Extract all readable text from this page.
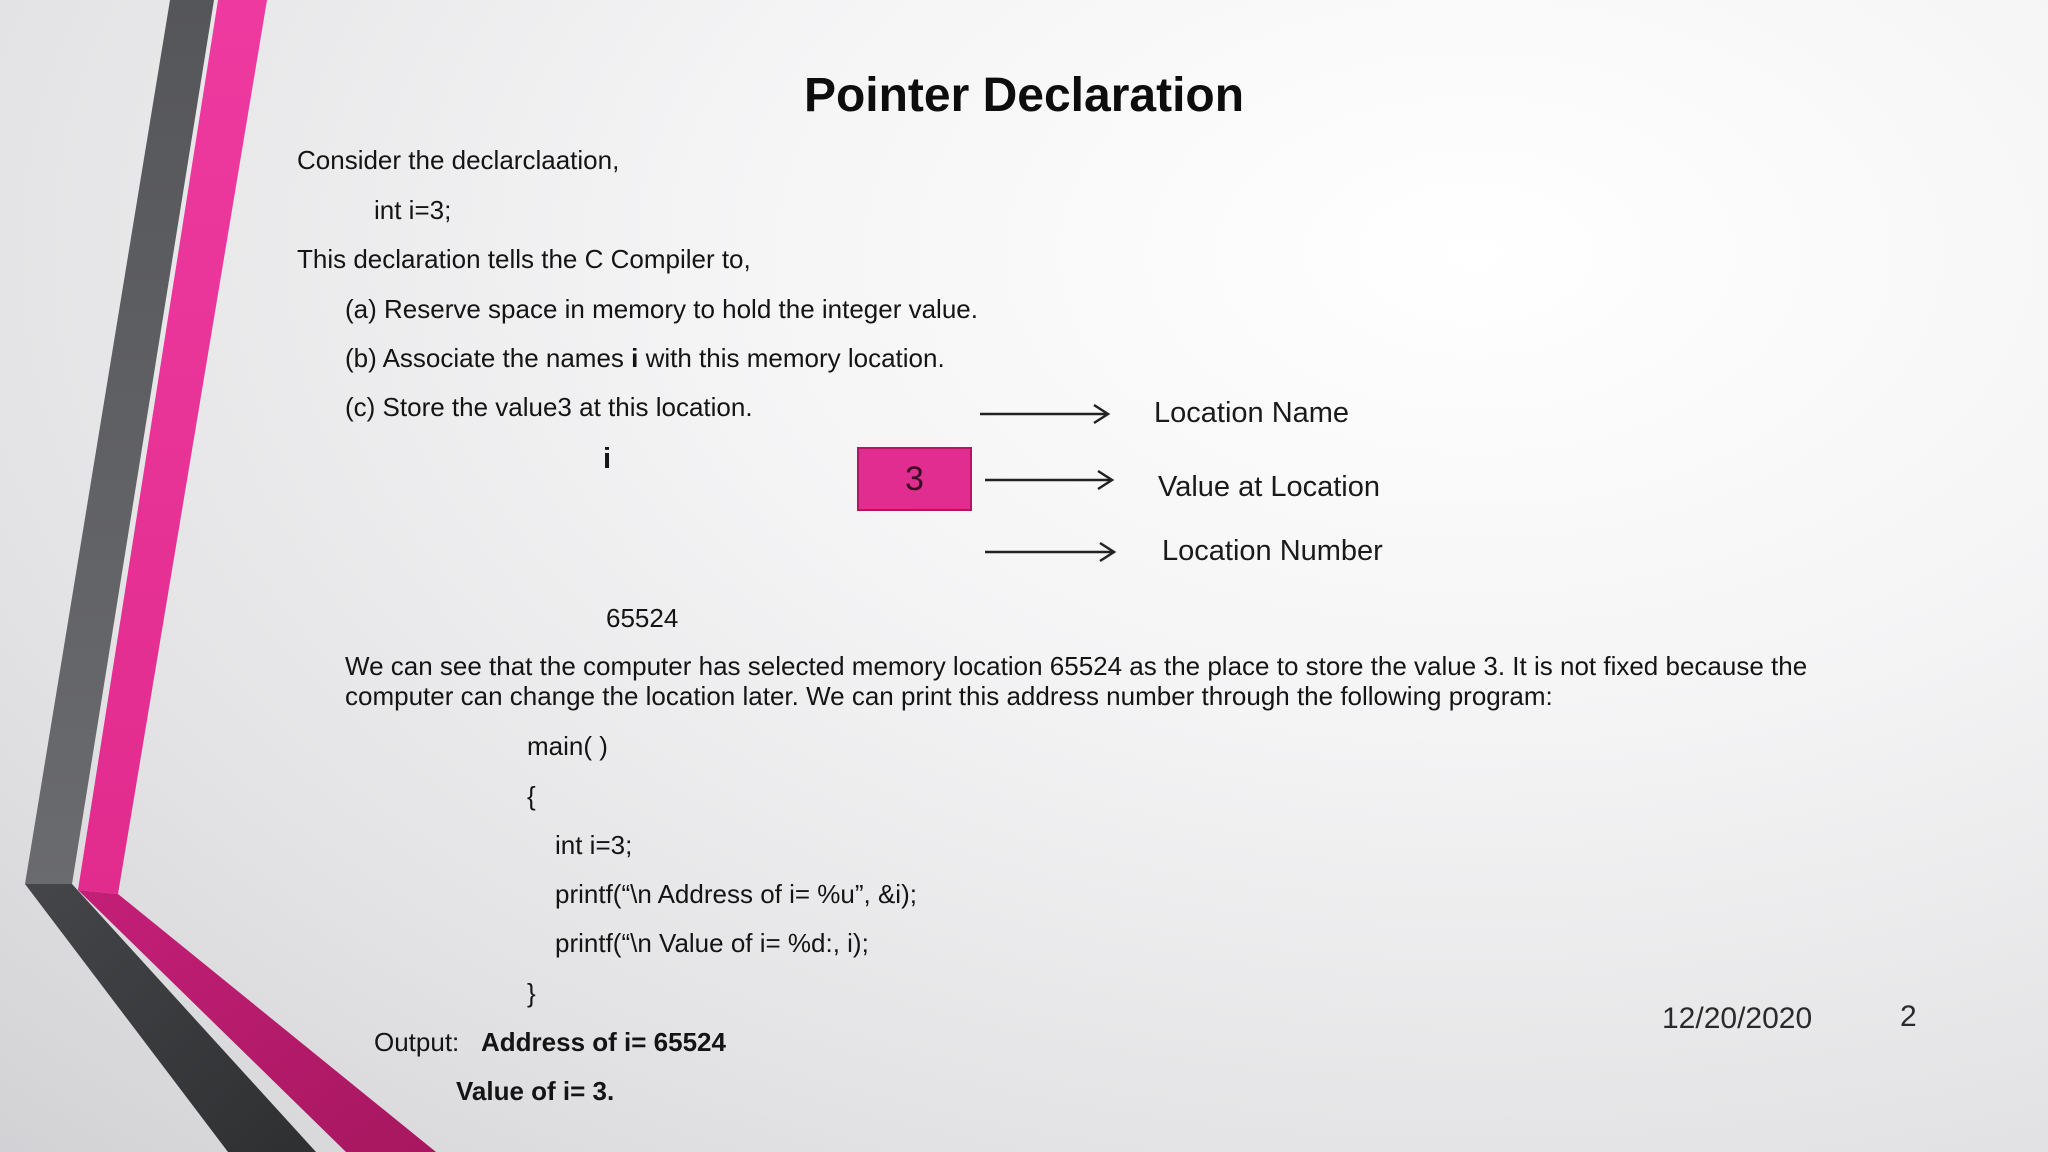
Pointer Declaration

Consider the declarclaation,

int i=3;

This declaration tells the C Compiler to,

(a) Reserve space in memory to hold the integer value.

(b) Associate the names i with this memory location.

(c) Store the value3 at this location.

i

3

65524

Location Name

Value at Location

Location Number

We can see that the computer has selected memory location 65524 as the place to store the value 3. It is not fixed because the computer can change the location later. We can print this address number through the following program:

main( )

{

int i=3;

printf(“\n Address of i= %u”, &i);

printf(“\n Value of i= %d:, i);

}

Output: Address of i= 65524

Value of i= 3.

12/20/2020	2
